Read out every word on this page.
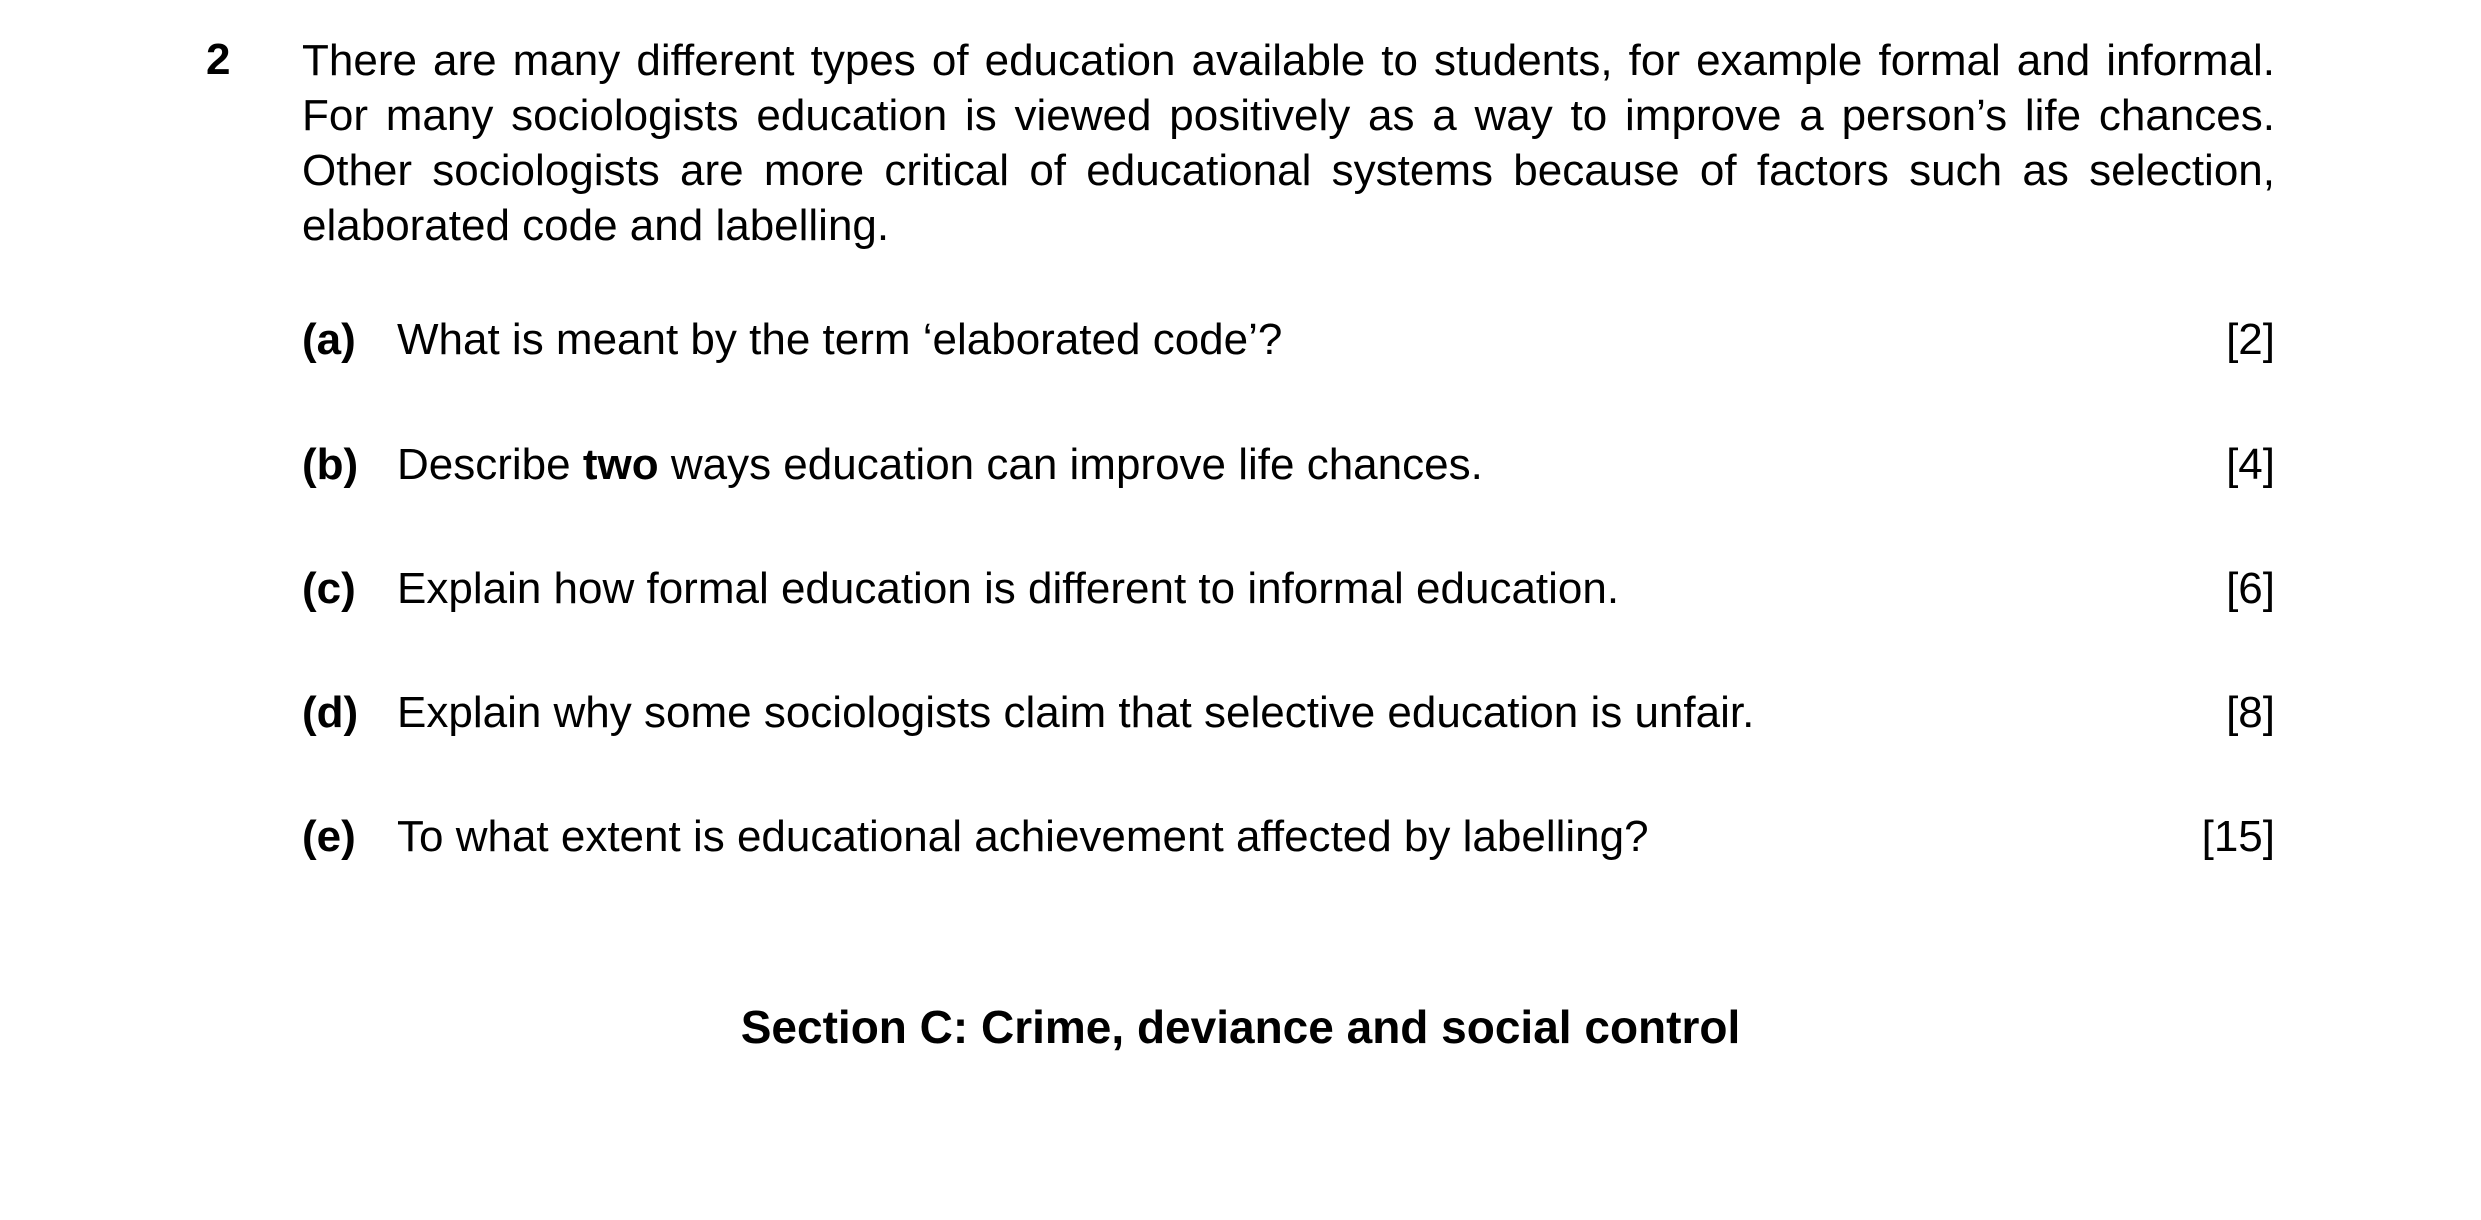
2 There are many different types of education available to students, for example formal and informal.
For many sociologists education is viewed positively as a way to improve a person’s life chances.
Other sociologists are more critical of educational systems because of factors such as selection,
elaborated code and labelling.
(a) What is meant by the term ‘elaborated code’?	[2]
(b) Describe two ways education can improve life chances.	[4]
(c) Explain how formal education is different to informal education.	[6]
(d) Explain why some sociologists claim that selective education is unfair.	[8]
(e) To what extent is educational achievement affected by labelling?	[15]
Section C: Crime, deviance and social control
